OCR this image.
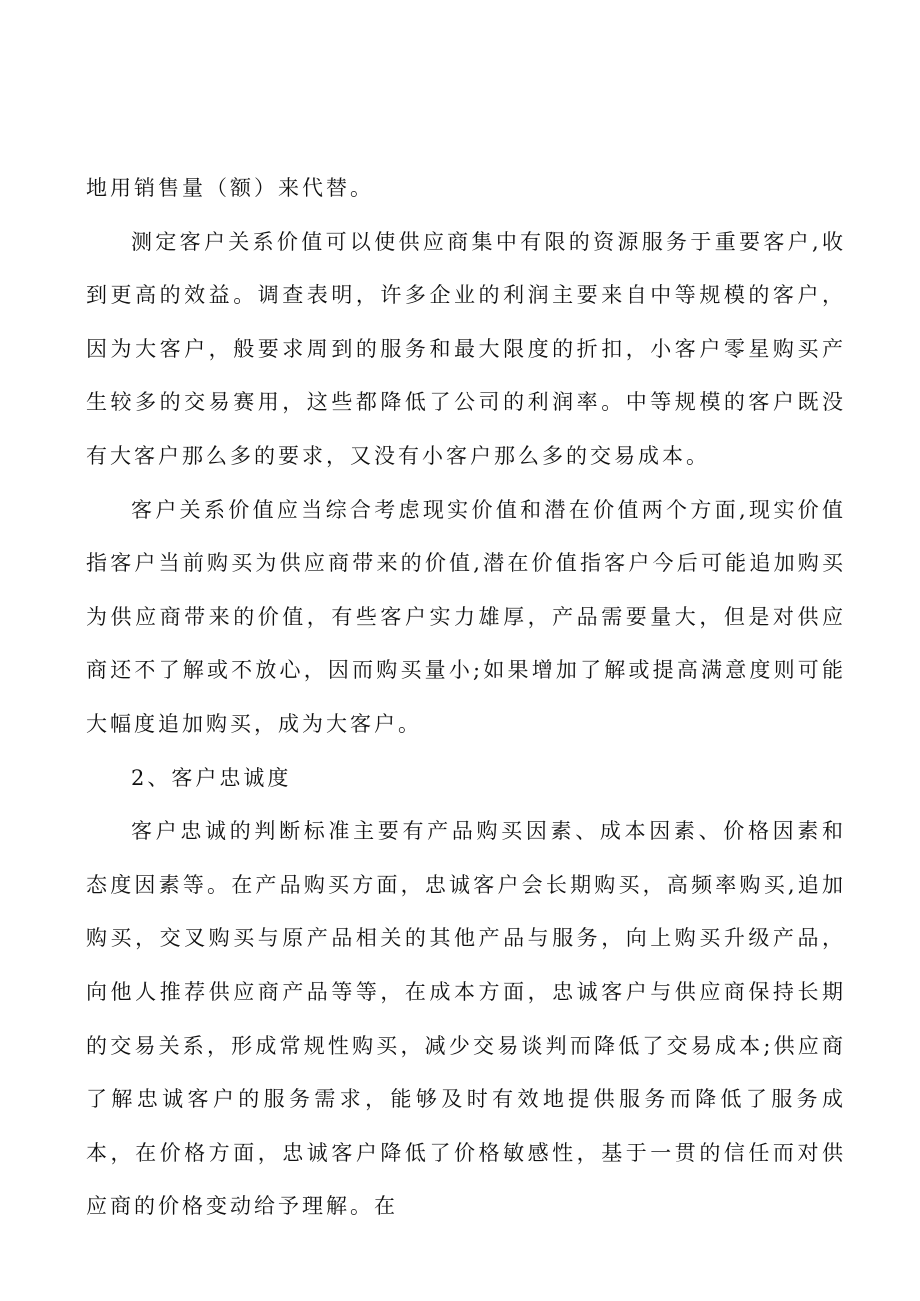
地用销售量（额）来代替。

测定客户关系价值可以使供应商集中有限的资源服务于重要客户,收到更高的效益。调查表明，许多企业的利润主要来自中等规模的客户，因为大客户，般要求周到的服务和最大限度的折扣，小客户零星购买产生较多的交易赛用，这些都降低了公司的利润率。中等规模的客户既没有大客户那么多的要求，又没有小客户那么多的交易成本。

客户关系价值应当综合考虑现实价值和潜在价值两个方面,现实价值指客户当前购买为供应商带来的价值,潜在价值指客户今后可能追加购买为供应商带来的价值，有些客户实力雄厚，产品需要量大，但是对供应商还不了解或不放心，因而购买量小;如果增加了解或提高满意度则可能大幅度追加购买，成为大客户。

2、客户忠诚度

客户忠诚的判断标准主要有产品购买因素、成本因素、价格因素和态度因素等。在产品购买方面，忠诚客户会长期购买，高频率购买,追加购买，交叉购买与原产品相关的其他产品与服务，向上购买升级产品，向他人推荐供应商产品等等，在成本方面，忠诚客户与供应商保持长期的交易关系，形成常规性购买，减少交易谈判而降低了交易成本;供应商了解忠诚客户的服务需求，能够及时有效地提供服务而降低了服务成本，在价格方面，忠诚客户降低了价格敏感性，基于一贯的信任而对供应商的价格变动给予理解。在
